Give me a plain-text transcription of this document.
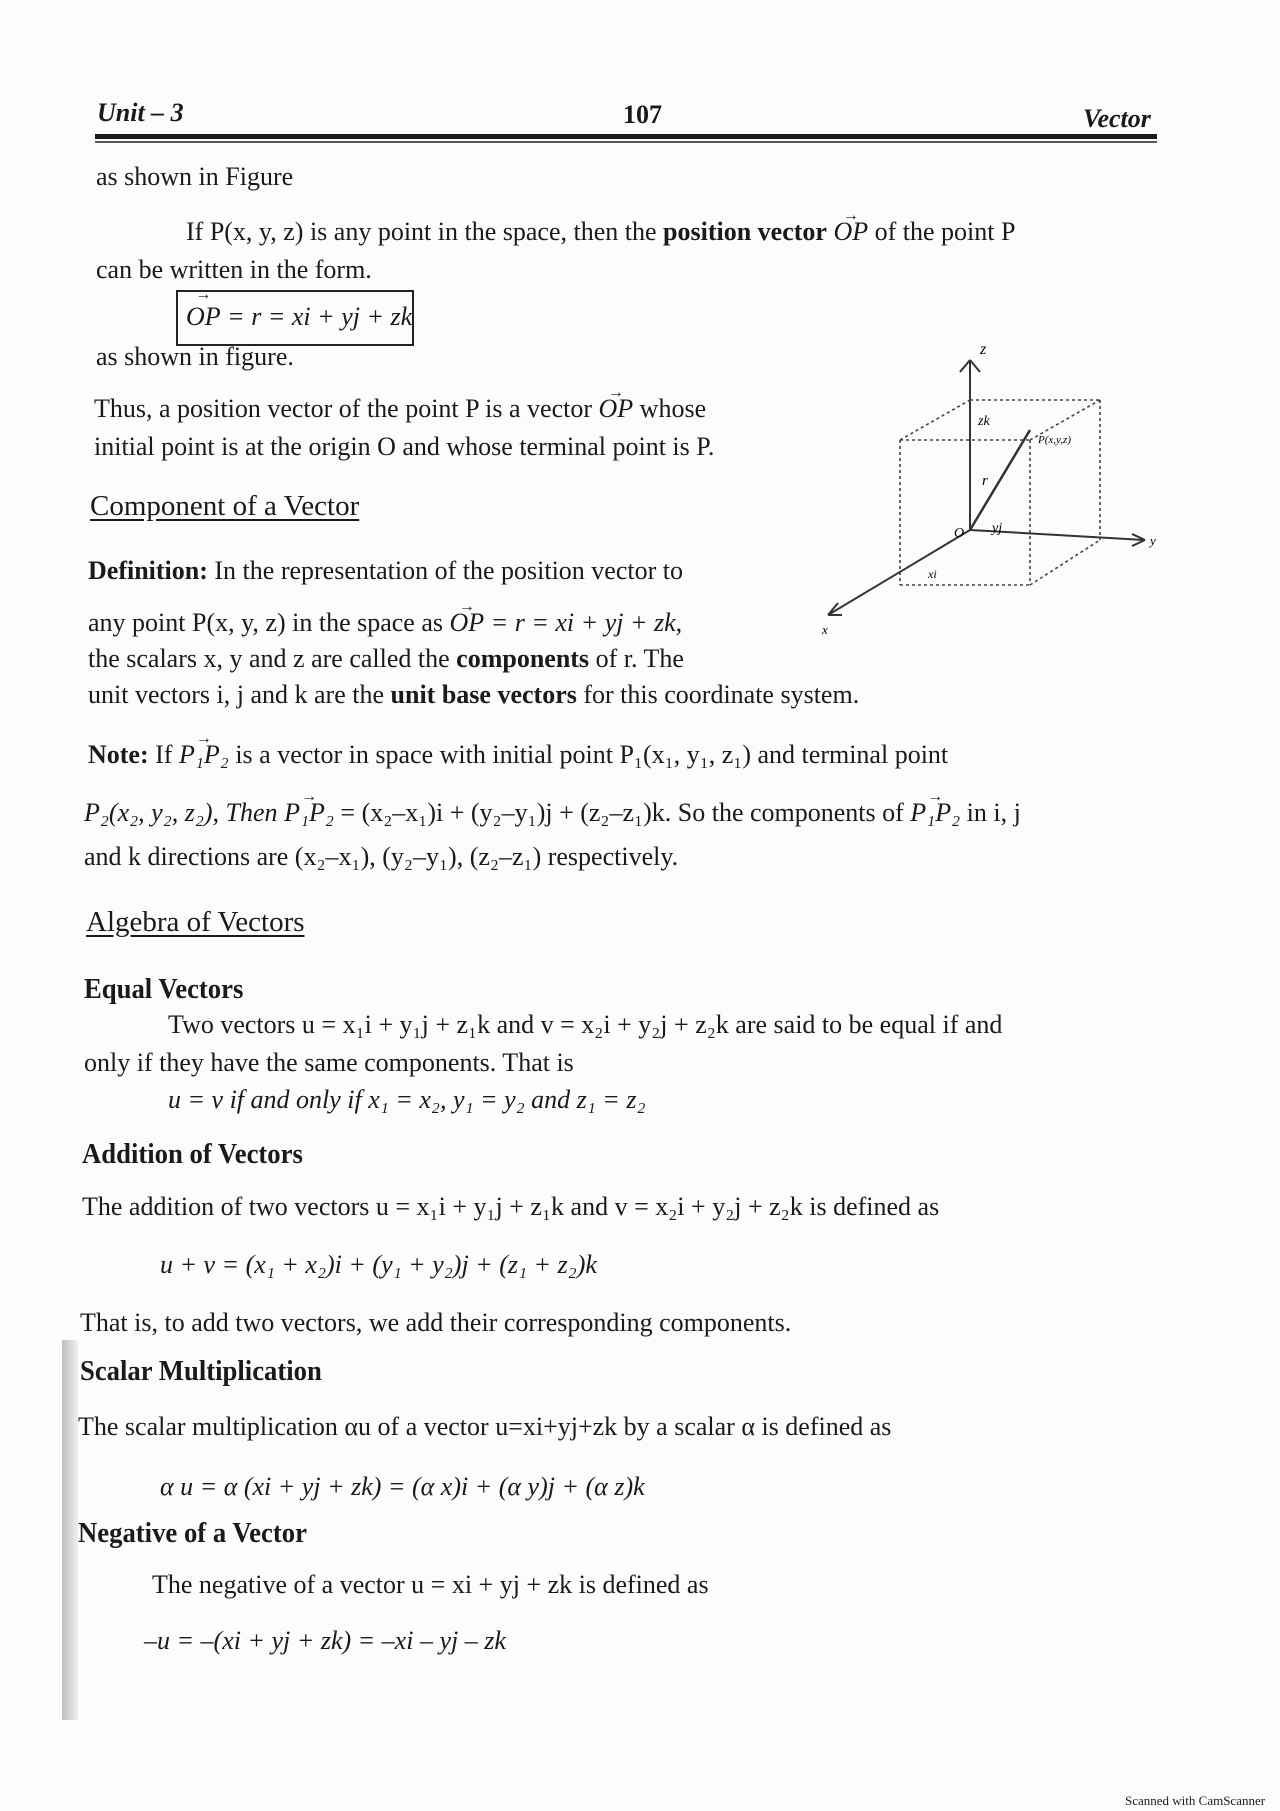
Unit – 3	107	Vector
as shown in Figure
If P(x, y, z) is any point in the space, then the position vector → OP of the point P
can be written in the form.
→ OP = r = xi + yj + zk
as shown in figure.
Thus, a position vector of the point P is a vector → OP whose
initial point is at the origin O and whose terminal point is P.
z
zk
P(x,y,z)
r
O yj
xi
x
y
Component of a Vector
Definition: In the representation of the position vector to
any point P(x, y, z) in the space as → OP = r = xi + yj + zk,
the scalars x, y and z are called the components of r. The
unit vectors i, j and k are the unit base vectors for this coordinate system.
Note: If → P₁P₂ is a vector in space with initial point P₁(x₁, y₁, z₁) and terminal point
P₂(x₂, y₂, z₂), Then → P₁P₂ = (x₂–x₁)i + (y₂–y₁)j + (z₂–z₁)k. So the components of → P₁P₂ in i, j
and k directions are (x₂–x₁), (y₂–y₁), (z₂–z₁) respectively.
Algebra of Vectors
Equal Vectors
Two vectors u = x₁i + y₁j + z₁k and v = x₂i + y₂j + z₂k are said to be equal if and
only if they have the same components. That is
u = v if and only if x₁ = x₂, y₁ = y₂ and z₁ = z₂
Addition of Vectors
The addition of two vectors u = x₁i + y₁j + z₁k and v = x₂i + y₂j + z₂k is defined as
u + v = (x₁ + x₂)i + (y₁ + y₂)j + (z₁ + z₂)k
That is, to add two vectors, we add their corresponding components.
Scalar Multiplication
The scalar multiplication αu of a vector u=xi+yj+zk by a scalar α is defined as
α u = α (xi + yj + zk) = (α x)i + (α y)j + (α z)k
Negative of a Vector
The negative of a vector u = xi + yj + zk is defined as
–u = –(xi + yj + zk) = –xi – yj – zk
Scanned with CamScanner
